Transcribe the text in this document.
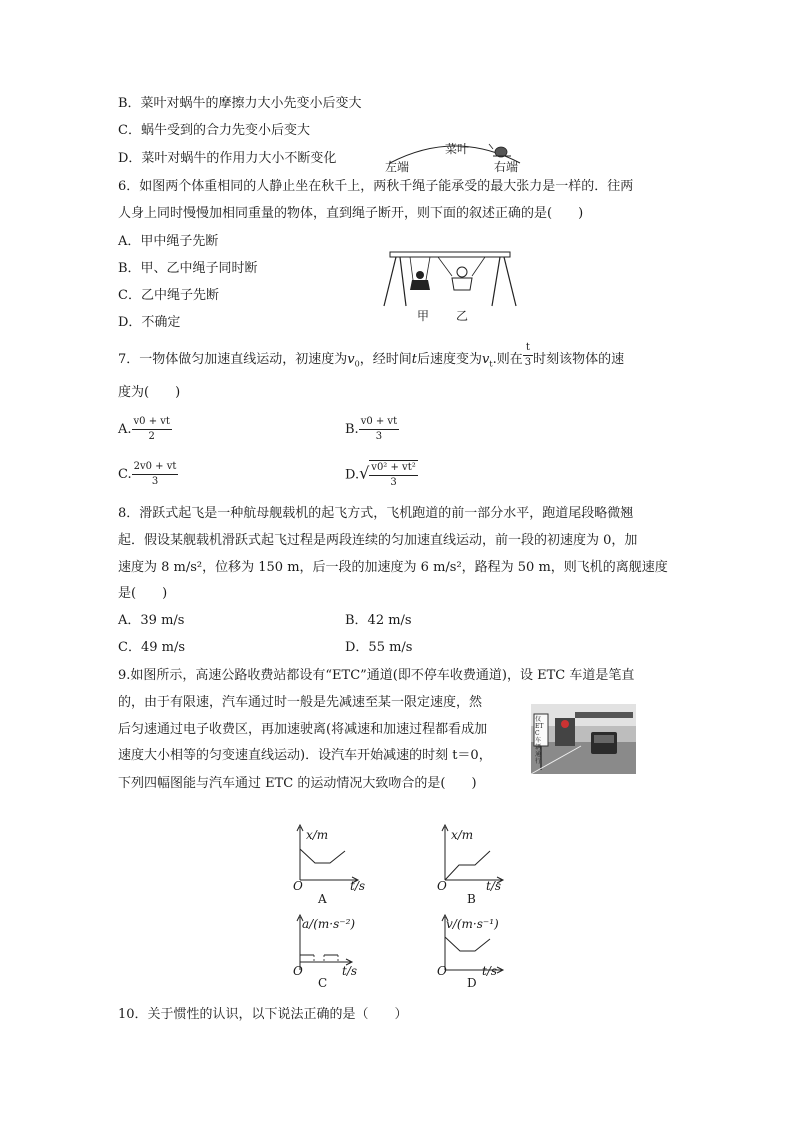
B．菜叶对蜗牛的摩擦力大小先变小后变大
C．蜗牛受到的合力先变小后变大
D．菜叶对蜗牛的作用力大小不断变化
左端
菜叶
右端
6．如图两个体重相同的人静止坐在秋千上，两秋千绳子能承受的最大张力是一样的．往两
人身上同时慢慢加相同重量的物体，直到绳子断开，则下面的叙述正确的是(　　)
A．甲中绳子先断
B．甲、乙中绳子同时断
C．乙中绳子先断
D．不确定	甲 乙
7．一物体做匀加速直线运动，初速度为$v_0$，经时间t后速度变为$v_t$.则在 $\frac{t}{3}$ 时刻该物体的速
度为(　　)
A. $\frac{v0 + vt}{2}$	B. $\frac{v0 + vt}{3}$
C. $\frac{2v0 + vt}{3}$	$D.√ \frac{\text{v0² + vt²}}{3}$
8．滑跃式起飞是一种航母舰载机的起飞方式，飞机跑道的前一部分水平，跑道尾段略微翘
起．假设某舰载机滑跃式起飞过程是两段连续的匀加速直线运动，前一段的初速度为 0，加
速度为 8 m/s²，位移为 150 m，后一段的加速度为 6 m/s²，路程为 50 m，则飞机的离舰速度
是(　　)
A．39 m/s	B．42 m/s
C．49 m/s	D．55 m/s
9.如图所示，高速公路收费站都设有“ETC”通道(即不停车收费通道)，设 ETC 车道是笔直
的，由于有限速，汽车通过时一般是先减速至某一限定速度，然
后匀速通过电子收费区，再加速驶离(将减速和加速过程都看成加
速度大小相等的匀变速直线运动)．设汽车开始减速的时刻 t＝0，
下列四幅图能与汽车通过 ETC 的运动情况大致吻合的是(　　)
仅ETC车辆通行
x/m
O	t/s
A
x/m
O	t/s
B
a/(m·s⁻²)
O	t/s
C
v/(m·s⁻¹)
O	t/s
D
10．关于惯性的认识，以下说法正确的是（　　）
